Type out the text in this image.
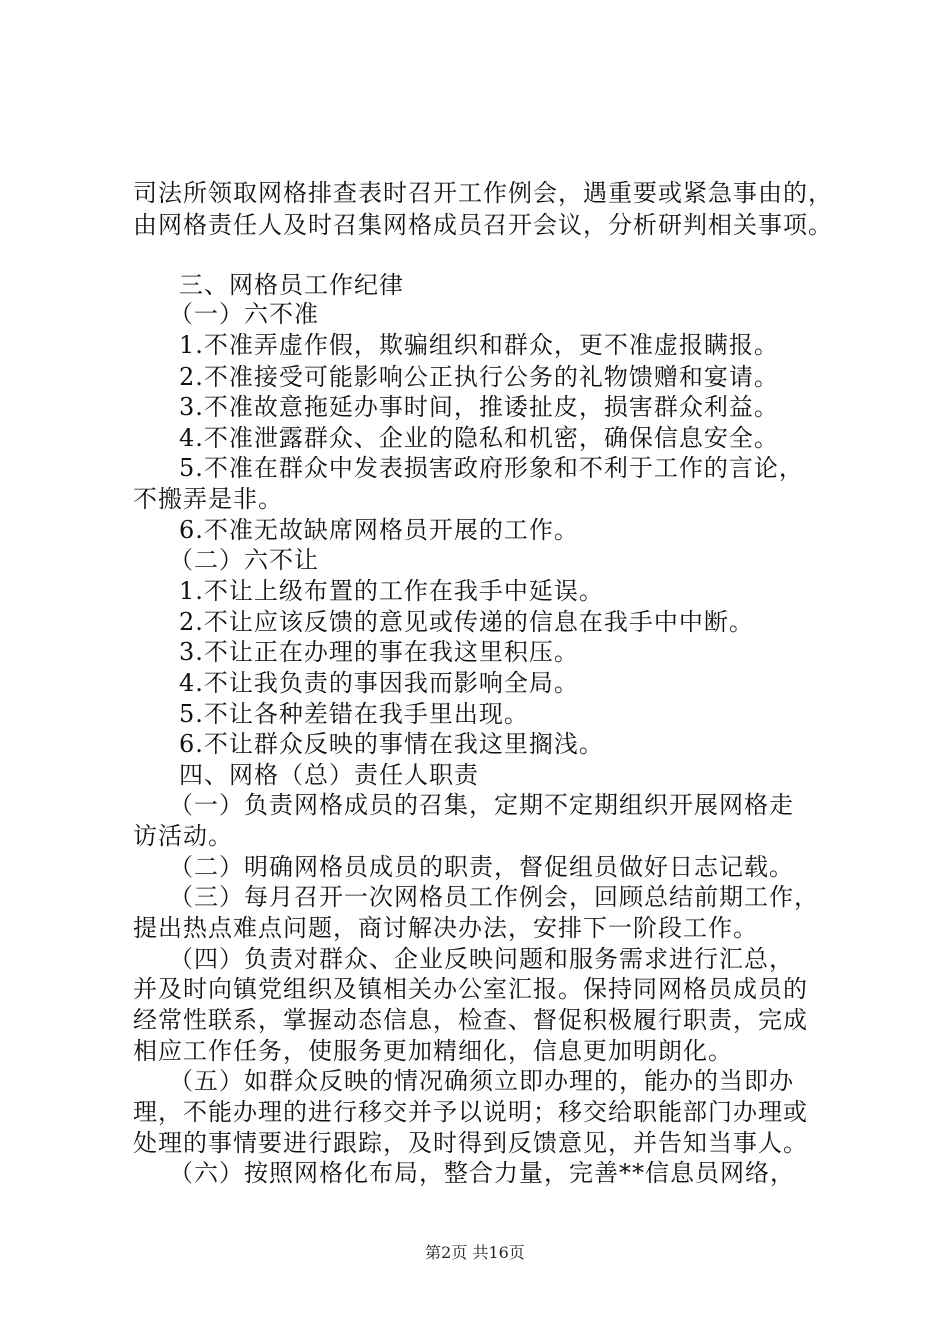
司法所领取网格排查表时召开工作例会，遇重要或紧急事由的，
由网格责任人及时召集网格成员召开会议，分析研判相关事项。
三、网格员工作纪律
（一）六不准
1.不准弄虚作假，欺骗组织和群众，更不准虚报瞒报。
2.不准接受可能影响公正执行公务的礼物馈赠和宴请。
3.不准故意拖延办事时间，推诿扯皮，损害群众利益。
4.不准泄露群众、企业的隐私和机密，确保信息安全。
5.不准在群众中发表损害政府形象和不利于工作的言论，
不搬弄是非。
6.不准无故缺席网格员开展的工作。
（二）六不让
1.不让上级布置的工作在我手中延误。
2.不让应该反馈的意见或传递的信息在我手中中断。
3.不让正在办理的事在我这里积压。
4.不让我负责的事因我而影响全局。
5.不让各种差错在我手里出现。
6.不让群众反映的事情在我这里搁浅。
四、网格（总）责任人职责
（一）负责网格成员的召集，定期不定期组织开展网格走
访活动。
（二）明确网格员成员的职责，督促组员做好日志记载。
（三）每月召开一次网格员工作例会，回顾总结前期工作，
提出热点难点问题，商讨解决办法，安排下一阶段工作。
（四）负责对群众、企业反映问题和服务需求进行汇总，
并及时向镇党组织及镇相关办公室汇报。保持同网格员成员的
经常性联系，掌握动态信息，检查、督促积极履行职责，完成
相应工作任务，使服务更加精细化，信息更加明朗化。
（五）如群众反映的情况确须立即办理的，能办的当即办
理，不能办理的进行移交并予以说明；移交给职能部门办理或
处理的事情要进行跟踪，及时得到反馈意见，并告知当事人。
（六）按照网格化布局，整合力量，完善**信息员网络，
第2页 共16页
